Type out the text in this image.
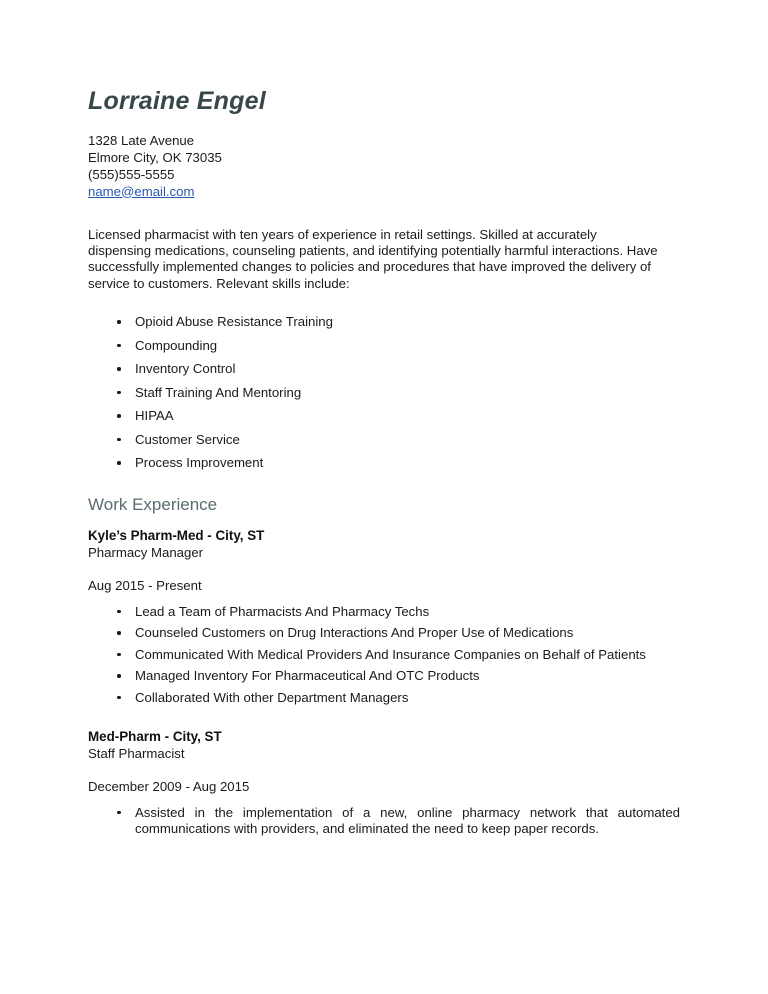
Lorraine Engel
1328 Late Avenue
Elmore City, OK 73035
(555)555-5555
name@email.com
Licensed pharmacist with ten years of experience in retail settings. Skilled at accurately dispensing medications, counseling patients, and identifying potentially harmful interactions. Have successfully implemented changes to policies and procedures that have improved the delivery of service to customers. Relevant skills include:
Opioid Abuse Resistance Training
Compounding
Inventory Control
Staff Training And Mentoring
HIPAA
Customer Service
Process Improvement
Work Experience
Kyle’s Pharm-Med - City, ST
Pharmacy Manager
Aug 2015 - Present
Lead a Team of Pharmacists And Pharmacy Techs
Counseled Customers on Drug Interactions And Proper Use of Medications
Communicated With Medical Providers And Insurance Companies on Behalf of Patients
Managed Inventory For Pharmaceutical And OTC Products
Collaborated With other Department Managers
Med-Pharm - City, ST
Staff Pharmacist
December 2009 - Aug 2015
Assisted in the implementation of a new, online pharmacy network that automated communications with providers, and eliminated the need to keep paper records.
